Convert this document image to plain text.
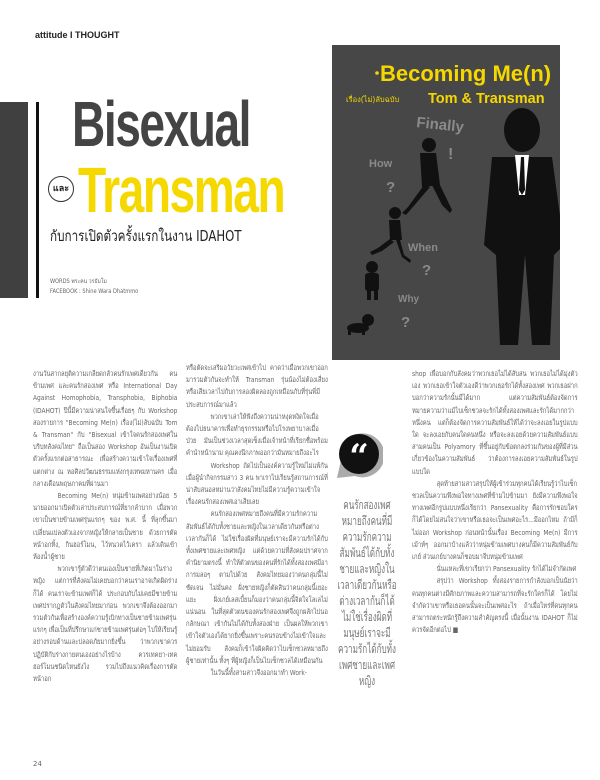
attitude I THOUGHT
Bisexual
Transman
และ
กับการเปิดตัวครั้งแรกในงาน IDAHOT
WORDS พระคน วรธัมโม
FACEBOOK : Shine Wara Dhatmmo
Becoming Me(n)
เรื่อง(ไม่)ลับฉบับ Tom & Transman
Finally
!
How
?
When
?
Why
?

งานวันสากลยุติความเกลียดกลัวคนรักเพศเดียวกัน คนข้ามเพศ และคนรักสองเพศ หรือ International Day Against Homophobia, Transphobia, Biphobia (IDAHOT) ปีนี้มีความน่าสนใจขึ้นเรื่อยๆ กับ Workshop สองรายการ "Becoming Me(n) เรื่อง(ไม่)ลับฉบับ Tom & Transman" กับ "Bisexual เข้าใจคนรักสองเพศในบริบทสังคมไทย" ถือเป็นสอง Workshop อันเป็นงานเปิดตัวครั้งแรกต่อสาธารณะ เพื่อสร้างความเข้าใจเรื่องเพศที่แตกต่าง ณ หอศิลปวัฒนธรรมแห่งกรุงเทพมหานคร เมื่อกลางเดือนพฤษภาคมที่ผ่านมา

Becoming Me(n) หนุ่มข้ามเพศอย่างน้อย 5 นายออกมาเปิดตัวเล่าประสบการณ์ที่ยากลำบาก เมื่อพวกเขาเป็นชายข้ามเพศรุ่นแรกๆ ของ พ.ศ. นี้ ที่ลุกขึ้นมาเปลี่ยนแปลงตัวเองจากหญิงให้กลายเป็นชาย ด้วยการตัดหน้าอกทิ้ง, กินฮอร์โมน, ไว้หนวดไว้เครา แล้วเดินเข้าห้องน้ำผู้ชาย

พวกเขารู้ตัวดีว่าตนเองเป็นชายที่เกิดมาในร่างหญิง แต่การที่สังคมไม่เคยบอกว่าคนเราอาจเกิดผิดร่างก็ได้ คนเราจะข้ามเพศก็ได้ ประกอบกับไม่เคยมีชายข้ามเพศปรากฏตัวในสังคมไทยมาก่อน พวกเขาจึงต้องออกมารวมตัวกันเพื่อสร้างองค์ความรู้เบิกทางเป็นชายข้ามเพศรุ่นแรกๆ เพื่อเป็นที่ปรึกษาแก่ชายข้ามเพศรุ่นต่อๆ ไปให้เรียนรู้อย่างรอบด้านและปลอดภัยมากยิ่งขึ้น ว่าพวกเขาควรปฏิบัติกับร่างกายตนเองอย่างไรบ้าง ควรเทคยา-เทคฮอร์โมนชนิดไหนยังไง รวมไปถึงแนวคิดเรื่องการตัดหน้าอก

หรือตัดจะเสริมอวัยวะเพศเข้าไป คาดว่าเมื่อพวกเขาออกมารวมตัวกันจะทำให้ Transman รุ่นน้องไม่ต้องเสี่ยงหรือเสียเวลาไปกับการลองผิดลองถูกเหมือนกับที่รุ่นพี่มีประสบการณ์มาแล้ว

พวกเขาเล่าให้ฟังถึงความน่าหงุดหงิดใจเมื่อต้องไปธนาคารเพื่อทำธุรกรรมหรือไปโรงพยาบาลเมื่อป่วย มันเป็นช่วงเวลาสุดเซ็งเมื่อเจ้าหน้าที่เรียกชื่อพร้อมคำนำหน้านาม คุณคงนึกภาพออกว่ามันหมายถึงอะไร

Workshop ถัดไปเป็นองค์ความรู้ใหม่ไม่แพ้กันเมื่อผู้นำกิจกรรมสาว 3 คน พาเราไปเรียนรู้สถานการณ์ที่น่าสับสนอลหม่านว่าสังคมไทยไม่มีความรู้ความเข้าใจเรื่องคนรักสองเพศเอาเสียเลย

คนรักสองเพศหมายถึงคนที่มีความรักความสัมพันธ์ได้กับทั้งชายและหญิงในเวลาเดียวกันหรือต่างเวลากันก็ได้ ไม่ใช่เรื่องผิดที่มนุษย์เราจะมีความรักได้กับทั้งเพศชายและเพศหญิง แต่ด้วยความที่สังคมปราศจากคำนิยามตรงนี้ ทำให้ตัวตนของคนที่รักได้ทั้งสองเพศมีอาการมลอๆ ตามไปด้วย สังคมไทยมองว่าคนกลุ่มนี้ไม่ชัดเจน ไม่มั่นคง ฝั่งชายหญิงก็ตัดสินว่าคนกลุ่มนี้เยอะแยะ ฝั่งเกย์เลสเบี้ยนก็มองว่าคนกลุ่มนี้จิตใจโลเลไม่แน่นอน ในที่สุดตัวตนของคนรักสองเพศจึงถูกผลักไปนอกลักษณา เข้ากันไม่ได้กับทั้งสองฝ่าย เป็นผลให้พวกเขาเข้าใจตัวเองได้ยากยิ่งขึ้นเพราะคนรอบข้างไม่เข้าใจและไม่ยอมรับ สังคมก็เข้าใจผิดคิดว่าไบเซ็กชวลหมายถึงผู้ชายเท่านั้น ทั้งๆ ที่ผู้หญิงก็เป็นไบเซ็กชวลได้เหมือนกัน

ในวันนี้ทั้งสามสาวจึงออกมาทำ Work-

“
คนรักสองเพศหมายถึงคนที่มีความรักความสัมพันธ์ได้กับทั้งชายและหญิงในเวลาเดียวกันหรือต่างเวลากันก็ได้ ไม่ใช่เรื่องผิดที่มนุษย์เราจะมีความรักได้กับทั้งเพศชายและเพศหญิง

shop เพื่อบอกกับสังคมว่าพวกเธอไม่ได้สับสน พวกเธอไม่ได้มุ่งตัวเอง พวกเธอเข้าใจตัวเองดีว่าพวกเธอรักได้ทั้งสองเพศ พวกเธอฝากบอกว่าความรักนั้นมีได้มาก แต่ความสัมพันธ์ต้องจัดการ หมายความว่าแม้ไบเซ็กชวลจะรักได้ทั้งสองเพศและรักได้มากกว่าหนึ่งคน แต่ก็ต้องจัดการความสัมพันธ์ให้ได้ว่าจะลงเอยในรูปแบบใด จะลงเอยกับคนใดคนหนึ่ง หรือจะลงเอยด้วยความสัมพันธ์แบบสามคนเป็น Polyamory ที่ขึ้นอยู่กับข้อตกลงร่วมกันของผู้ที่มีส่วนเกี่ยวข้องในความสัมพันธ์ ว่าต้องการลงเอยความสัมพันธ์ในรูปแบบใด

สุดท้ายสามสาวสรุปให้ผู้เข้าร่วมทุกคนได้เรียนรู้ว่าไบเซ็กชวลเป็นความพึงพอใจทางเพศที่ข้ามไปข้ามมา ยังมีความพึงพอใจทางเพศอีกรูปแบบหนึ่งเรียกว่า Pansexuality คือการรักชอบใครก็ได้โดยไม่สนใจว่าเขาหรือเธอจะเป็นเพศอะไร...มีออกไหม ถ้ามีก็ไม่ออก Workshop ก่อนหน้านั้นเรื่อง Becoming Me(n) มีการเม้าท์ๆ ออกมาบ้างแล้วว่าหนุ่มข้ามเพศบางคนก็มีความสัมพันธ์กับเกย์ ส่วนเกย์บางคนก็ชอบมาจีบหนุ่มข้ามเพศ

นั่นแหละที่เขาเรียกว่า Pansexuality รักได้ไม่จำกัดเพศ

สรุปว่า Workshop ทั้งสองรายการกำลังบอกเป็นนัยว่าคนทุกคนต่างมีศักยภาพและความสามารถที่จะรักใครก็ได้ โดยไม่จำกัดว่าเขาหรือเธอคนนั้นจะเป็นเพศอะไร ถ้าเมื่อไหร่ที่คนทุกคนสามารถตระหนักรู้ถึงความสำคัญตรงนี้ เมื่อนั้นงาน IDAHOT ก็ไม่ควรจัดอีกต่อไป ■

24
